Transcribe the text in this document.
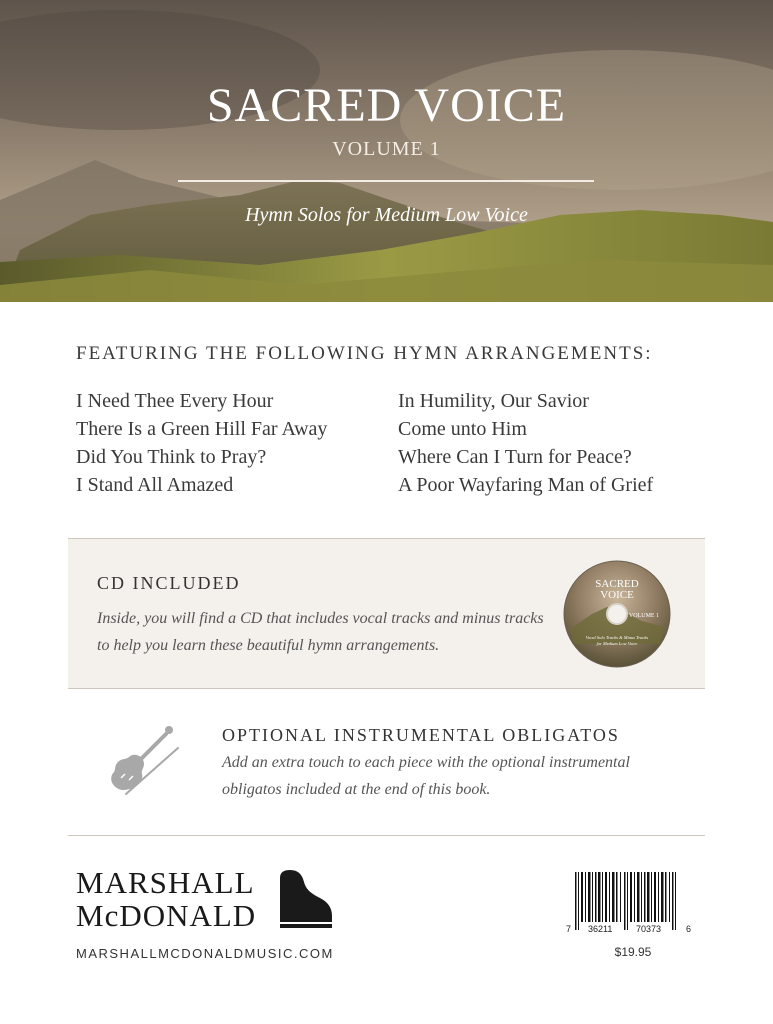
SACRED VOICE
VOLUME 1
Hymn Solos for Medium Low Voice
FEATURING THE FOLLOWING HYMN ARRANGEMENTS:
I Need Thee Every Hour
There Is a Green Hill Far Away
Did You Think to Pray?
I Stand All Amazed
In Humility, Our Savior
Come unto Him
Where Can I Turn for Peace?
A Poor Wayfaring Man of Grief
CD INCLUDED
Inside, you will find a CD that includes vocal tracks and minus tracks to help you learn these beautiful hymn arrangements.
SACRED
VOICE
VOLUME 1
Vocal Solo Tracks & Minus Tracks
for Medium Low Voice
OPTIONAL INSTRUMENTAL OBLIGATOS
Add an extra touch to each piece with the optional instrumental obligatos included at the end of this book.
MARSHALL
McDONALD
MARSHALLMCDONALDMUSIC.COM
7 36211	70373	6
$19.95
